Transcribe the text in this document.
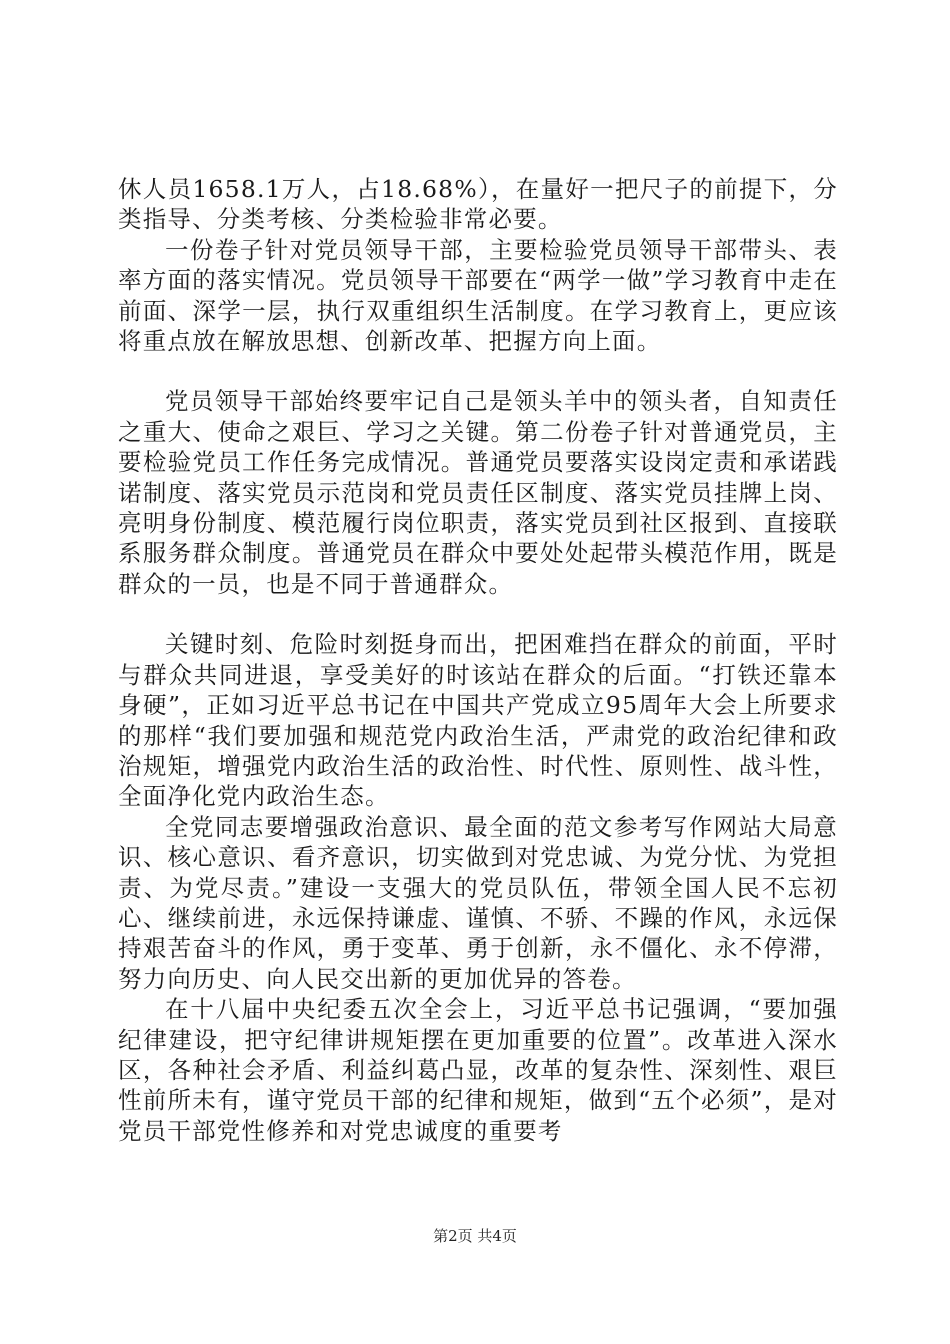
休人员1658.1万人，占18.68%），在量好一把尺子的前提下，分类指导、分类考核、分类检验非常必要。

一份卷子针对党员领导干部，主要检验党员领导干部带头、表率方面的落实情况。党员领导干部要在“两学一做”学习教育中走在前面、深学一层，执行双重组织生活制度。在学习教育上，更应该将重点放在解放思想、创新改革、把握方向上面。

党员领导干部始终要牢记自己是领头羊中的领头者，自知责任之重大、使命之艰巨、学习之关键。第二份卷子针对普通党员，主要检验党员工作任务完成情况。普通党员要落实设岗定责和承诺践诺制度、落实党员示范岗和党员责任区制度、落实党员挂牌上岗、亮明身份制度、模范履行岗位职责，落实党员到社区报到、直接联系服务群众制度。普通党员在群众中要处处起带头模范作用，既是群众的一员，也是不同于普通群众。

关键时刻、危险时刻挺身而出，把困难挡在群众的前面，平时与群众共同进退，享受美好的时该站在群众的后面。“打铁还靠本身硬”，正如习近平总书记在中国共产党成立95周年大会上所要求的那样“我们要加强和规范党内政治生活，严肃党的政治纪律和政治规矩，增强党内政治生活的政治性、时代性、原则性、战斗性，全面净化党内政治生态。

全党同志要增强政治意识、最全面的范文参考写作网站大局意识、核心意识、看齐意识，切实做到对党忠诚、为党分忧、为党担责、为党尽责。”建设一支强大的党员队伍，带领全国人民不忘初心、继续前进，永远保持谦虚、谨慎、不骄、不躁的作风，永远保持艰苦奋斗的作风，勇于变革、勇于创新，永不僵化、永不停滞，努力向历史、向人民交出新的更加优异的答卷。

在十八届中央纪委五次全会上，习近平总书记强调，“要加强纪律建设，把守纪律讲规矩摆在更加重要的位置”。改革进入深水区，各种社会矛盾、利益纠葛凸显，改革的复杂性、深刻性、艰巨性前所未有，谨守党员干部的纪律和规矩，做到“五个必须”，是对党员干部党性修养和对党忠诚度的重要考

第2页 共4页
